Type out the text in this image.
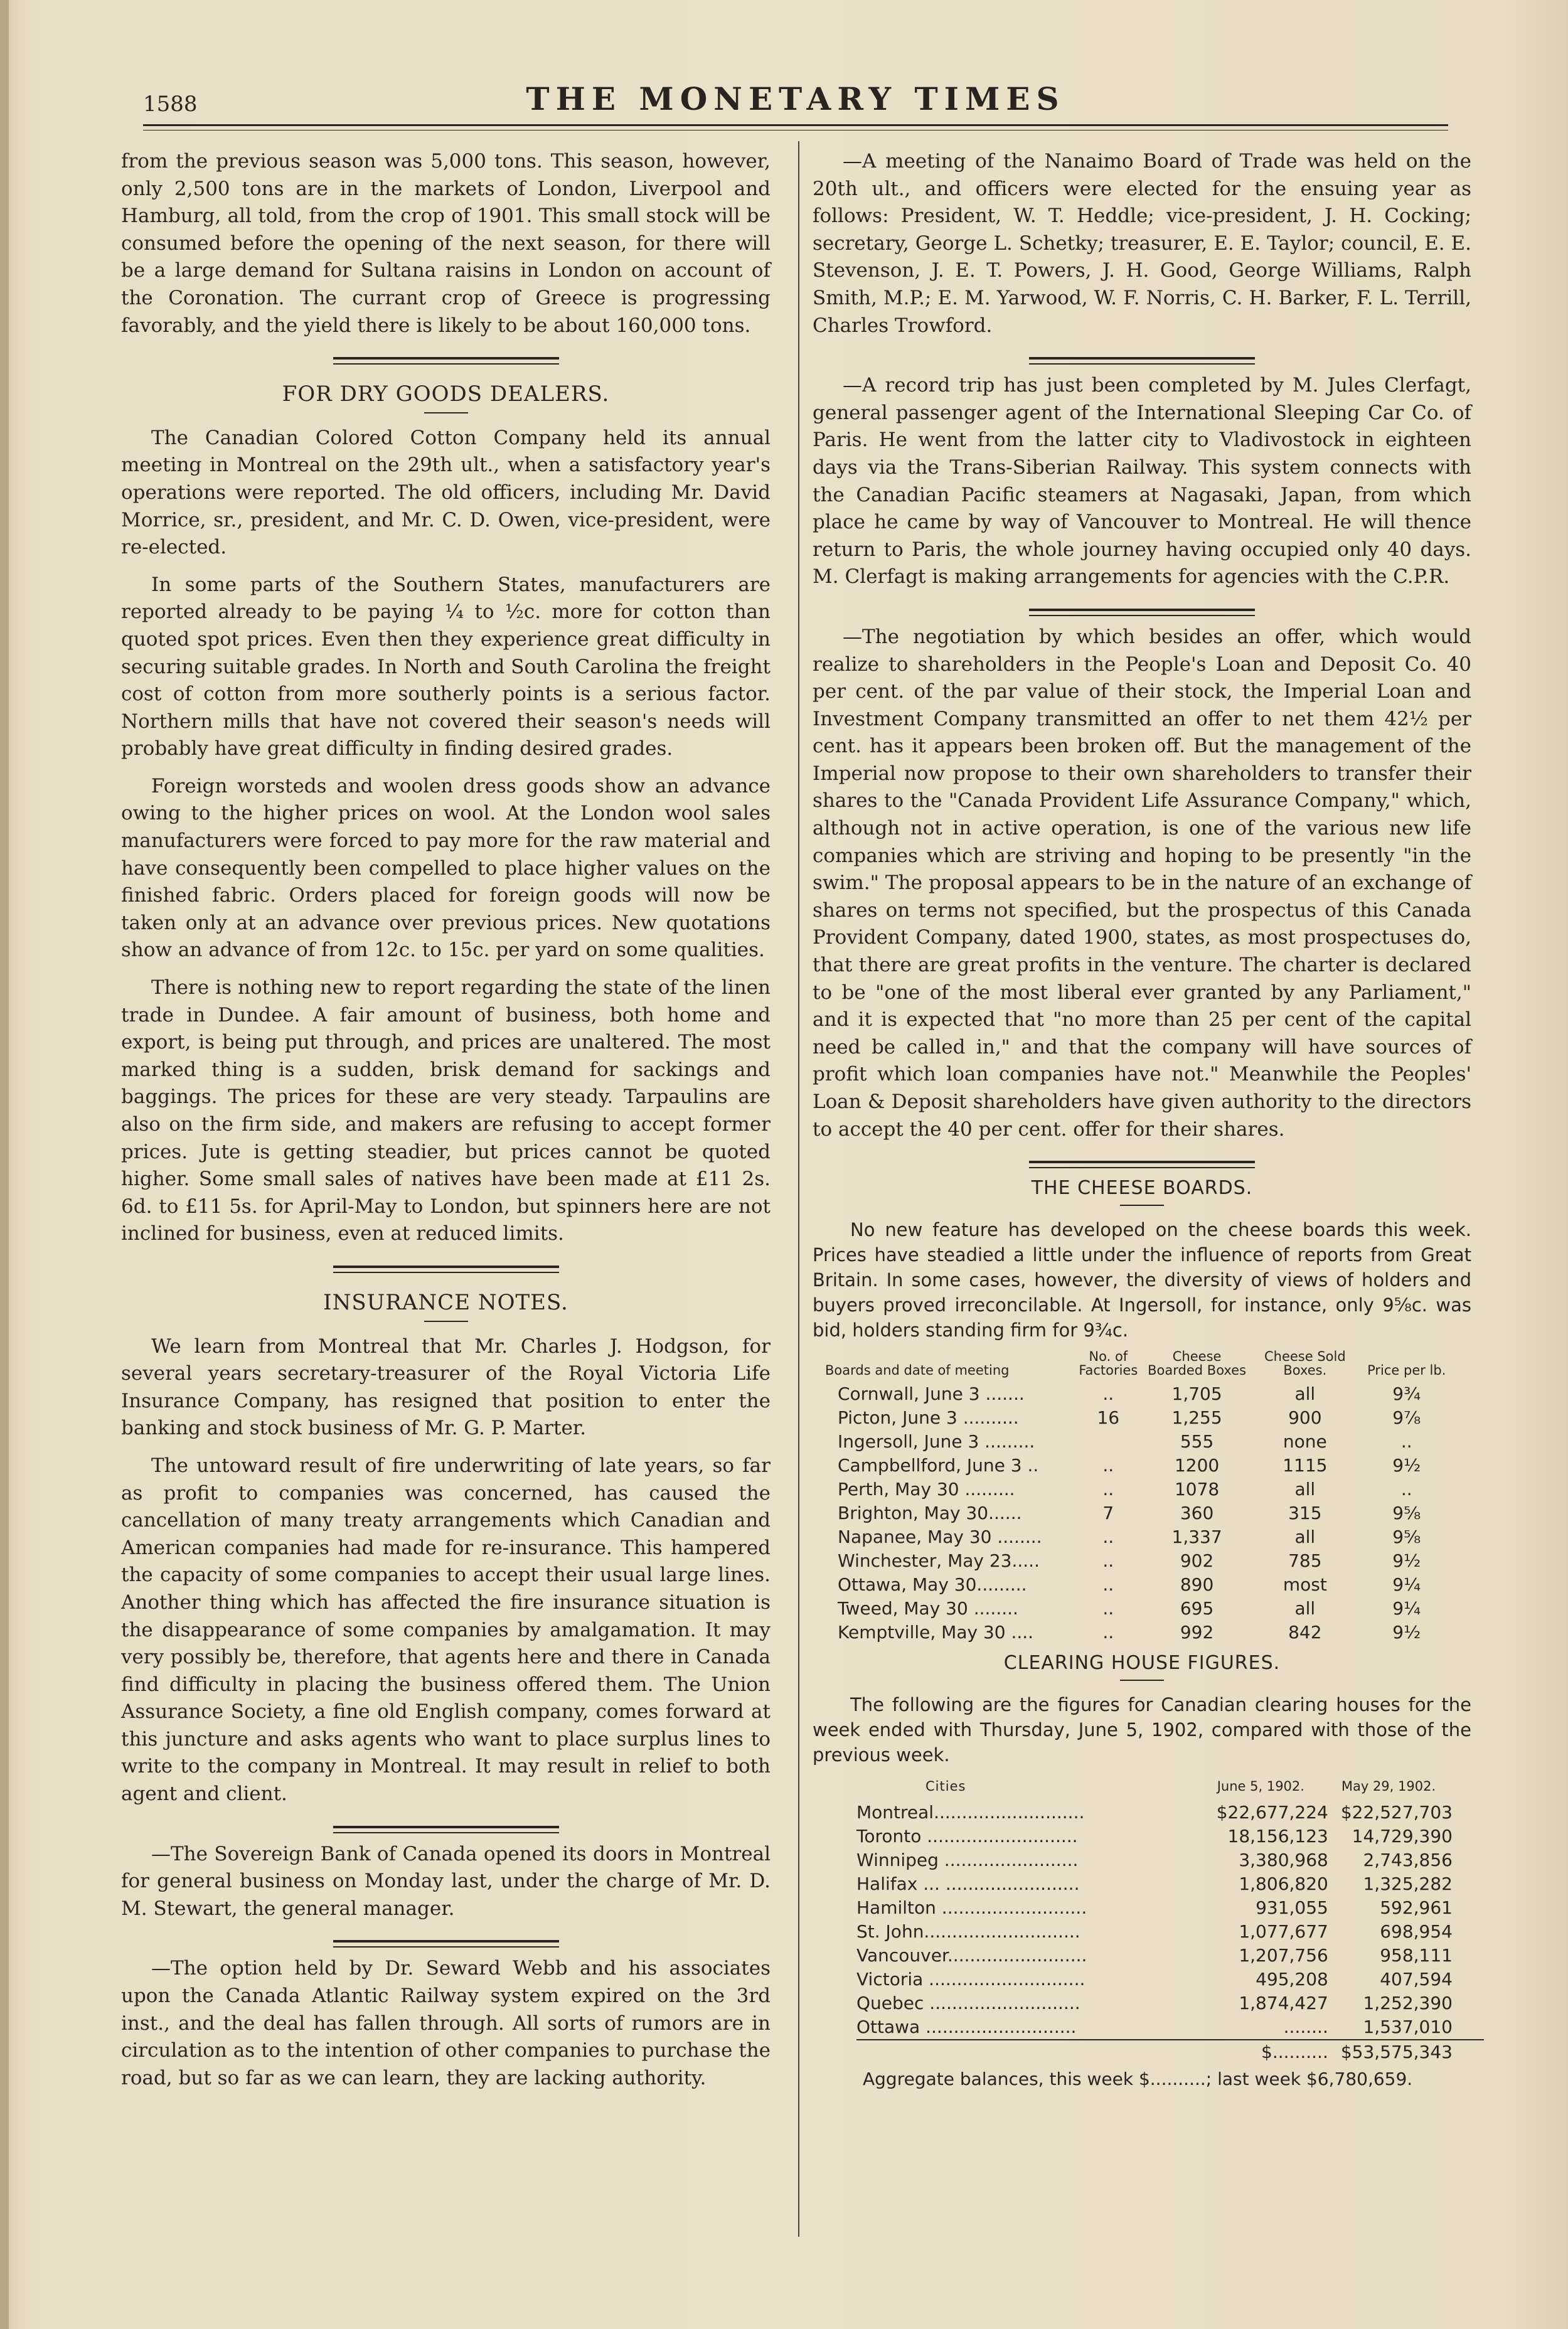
1588	THE MONETARY TIMES

from the previous season was 5,000 tons. This season, however, only 2,500 tons are in the markets of London, Liverpool and Hamburg, all told, from the crop of 1901. This small stock will be consumed before the opening of the next season, for there will be a large demand for Sultana raisins in London on account of the Coronation. The currant crop of Greece is progressing favorably, and the yield there is likely to be about 160,000 tons.

FOR DRY GOODS DEALERS.

The Canadian Colored Cotton Company held its annual meeting in Montreal on the 29th ult., when a satisfactory year's operations were reported. The old officers, including Mr. David Morrice, sr., president, and Mr. C. D. Owen, vice-president, were re-elected.

In some parts of the Southern States, manufacturers are reported already to be paying ¼ to ½c. more for cotton than quoted spot prices. Even then they experience great difficulty in securing suitable grades. In North and South Carolina the freight cost of cotton from more southerly points is a serious factor. Northern mills that have not covered their season's needs will probably have great difficulty in finding desired grades.

Foreign worsteds and woolen dress goods show an advance owing to the higher prices on wool. At the London wool sales manufacturers were forced to pay more for the raw material and have consequently been compelled to place higher values on the finished fabric. Orders placed for foreign goods will now be taken only at an advance over previous prices. New quotations show an advance of from 12c. to 15c. per yard on some qualities.

There is nothing new to report regarding the state of the linen trade in Dundee. A fair amount of business, both home and export, is being put through, and prices are unaltered. The most marked thing is a sudden, brisk demand for sackings and baggings. The prices for these are very steady. Tarpaulins are also on the firm side, and makers are refusing to accept former prices. Jute is getting steadier, but prices cannot be quoted higher. Some small sales of natives have been made at £11 2s. 6d. to £11 5s. for April-May to London, but spinners here are not inclined for business, even at reduced limits.

INSURANCE NOTES.

We learn from Montreal that Mr. Charles J. Hodgson, for several years secretary-treasurer of the Royal Victoria Life Insurance Company, has resigned that position to enter the banking and stock business of Mr. G. P. Marter.

The untoward result of fire underwriting of late years, so far as profit to companies was concerned, has caused the cancellation of many treaty arrangements which Canadian and American companies had made for re-insurance. This hampered the capacity of some companies to accept their usual large lines. Another thing which has affected the fire insurance situation is the disappearance of some companies by amalgamation. It may very possibly be, therefore, that agents here and there in Canada find difficulty in placing the business offered them. The Union Assurance Society, a fine old English company, comes forward at this juncture and asks agents who want to place surplus lines to write to the company in Montreal. It may result in relief to both agent and client.

—The Sovereign Bank of Canada opened its doors in Montreal for general business on Monday last, under the charge of Mr. D. M. Stewart, the general manager.

—The option held by Dr. Seward Webb and his associates upon the Canada Atlantic Railway system expired on the 3rd inst., and the deal has fallen through. All sorts of rumors are in circulation as to the intention of other companies to purchase the road, but so far as we can learn, they are lacking authority.

—A meeting of the Nanaimo Board of Trade was held on the 20th ult., and officers were elected for the ensuing year as follows: President, W. T. Heddle; vice-president, J. H. Cocking; secretary, George L. Schetky; treasurer, E. E. Taylor; council, E. E. Stevenson, J. E. T. Powers, J. H. Good, George Williams, Ralph Smith, M.P.; E. M. Yarwood, W. F. Norris, C. H. Barker, F. L. Terrill, Charles Trowford.

—A record trip has just been completed by M. Jules Clerfagt, general passenger agent of the International Sleeping Car Co. of Paris. He went from the latter city to Vladivostock in eighteen days via the Trans-Siberian Railway. This system connects with the Canadian Pacific steamers at Nagasaki, Japan, from which place he came by way of Vancouver to Montreal. He will thence return to Paris, the whole journey having occupied only 40 days. M. Clerfagt is making arrangements for agencies with the C.P.R.

—The negotiation by which besides an offer, which would realize to shareholders in the People's Loan and Deposit Co. 40 per cent. of the par value of their stock, the Imperial Loan and Investment Company transmitted an offer to net them 42½ per cent. has it appears been broken off. But the management of the Imperial now propose to their own shareholders to transfer their shares to the "Canada Provident Life Assurance Company," which, although not in active operation, is one of the various new life companies which are striving and hoping to be presently "in the swim." The proposal appears to be in the nature of an exchange of shares on terms not specified, but the prospectus of this Canada Provident Company, dated 1900, states, as most prospectuses do, that there are great profits in the venture. The charter is declared to be "one of the most liberal ever granted by any Parliament," and it is expected that "no more than 25 per cent of the capital need be called in," and that the company will have sources of profit which loan companies have not." Meanwhile the Peoples' Loan & Deposit shareholders have given authority to the directors to accept the 40 per cent. offer for their shares.

THE CHEESE BOARDS.

No new feature has developed on the cheese boards this week. Prices have steadied a little under the influence of reports from Great Britain. In some cases, however, the diversity of views of holders and buyers proved irreconcilable. At Ingersoll, for instance, only 9⅝c. was bid, holders standing firm for 9¾c.

Boards and date of meeting	No. of Factories	Cheese Boarded Boxes	Cheese Sold Boxes.	Price per lb.
Cornwall, June 3 .......	..	1,705	all	9¾
Picton, June 3 ..........	16	1,255	900	9⅞
Ingersoll, June 3 .........		555	none	..
Campbellford, June 3 ..	..	1200	1115	9½
Perth, May 30 .........	..	1078	all	..
Brighton, May 30......	7	360	315	9⅝
Napanee, May 30 ........	..	1,337	all	9⅝
Winchester, May 23.....	..	902	785	9½
Ottawa, May 30.........	..	890	most	9¼
Tweed, May 30 ........	..	695	all	9¼
Kemptville, May 30 ....	..	992	842	9½
CLEARING HOUSE FIGURES.

The following are the figures for Canadian clearing houses for the week ended with Thursday, June 5, 1902, compared with those of the previous week.

Cities	June 5, 1902.	May 29, 1902.
Montreal...........................	$22,677,224	$22,527,703
Toronto ...........................	18,156,123	14,729,390
Winnipeg ........................	3,380,968	2,743,856
Halifax ... ........................	1,806,820	1,325,282
Hamilton ..........................	931,055	592,961
St. John............................	1,077,677	698,954
Vancouver.........................	1,207,756	958,111
Victoria ............................	495,208	407,594
Quebec ...........................	1,874,427	1,252,390
Ottawa ...........................	........	1,537,010
	$..........	$53,575,343
Aggregate balances, this week $..........; last week $6,780,659.
